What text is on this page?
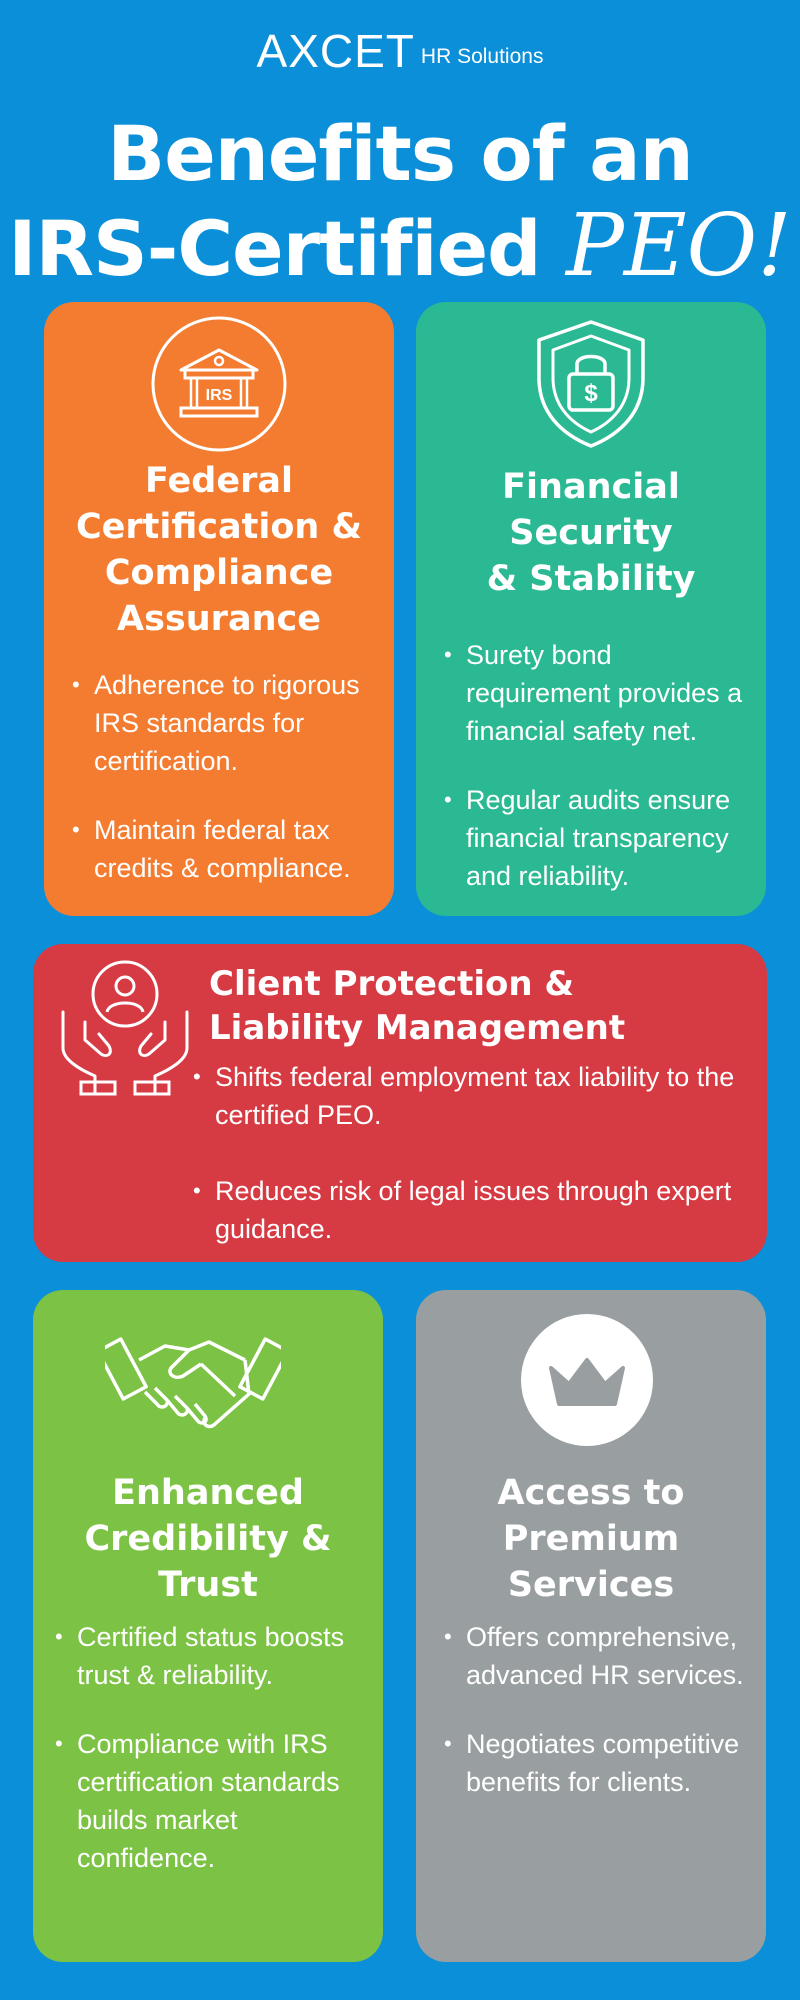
AXCET HR Solutions
Benefits of an
IRS-Certified PEO!
IRS
Federal
Certification &
Compliance
Assurance
• Adherence to rigorous IRS standards for certification.
• Maintain federal tax credits & compliance.
$
Financial
Security
& Stability
• Surety bond requirement provides a financial safety net.
• Regular audits ensure financial transparency and reliability.
Client Protection &
Liability Management
• Shifts federal employment tax liability to the certified PEO.
• Reduces risk of legal issues through expert guidance.
Enhanced
Credibility &
Trust
• Certified status boosts trust & reliability.
• Compliance with IRS certification standards builds market confidence.
Access to
Premium
Services
• Offers comprehensive, advanced HR services.
• Negotiates competitive benefits for clients.
